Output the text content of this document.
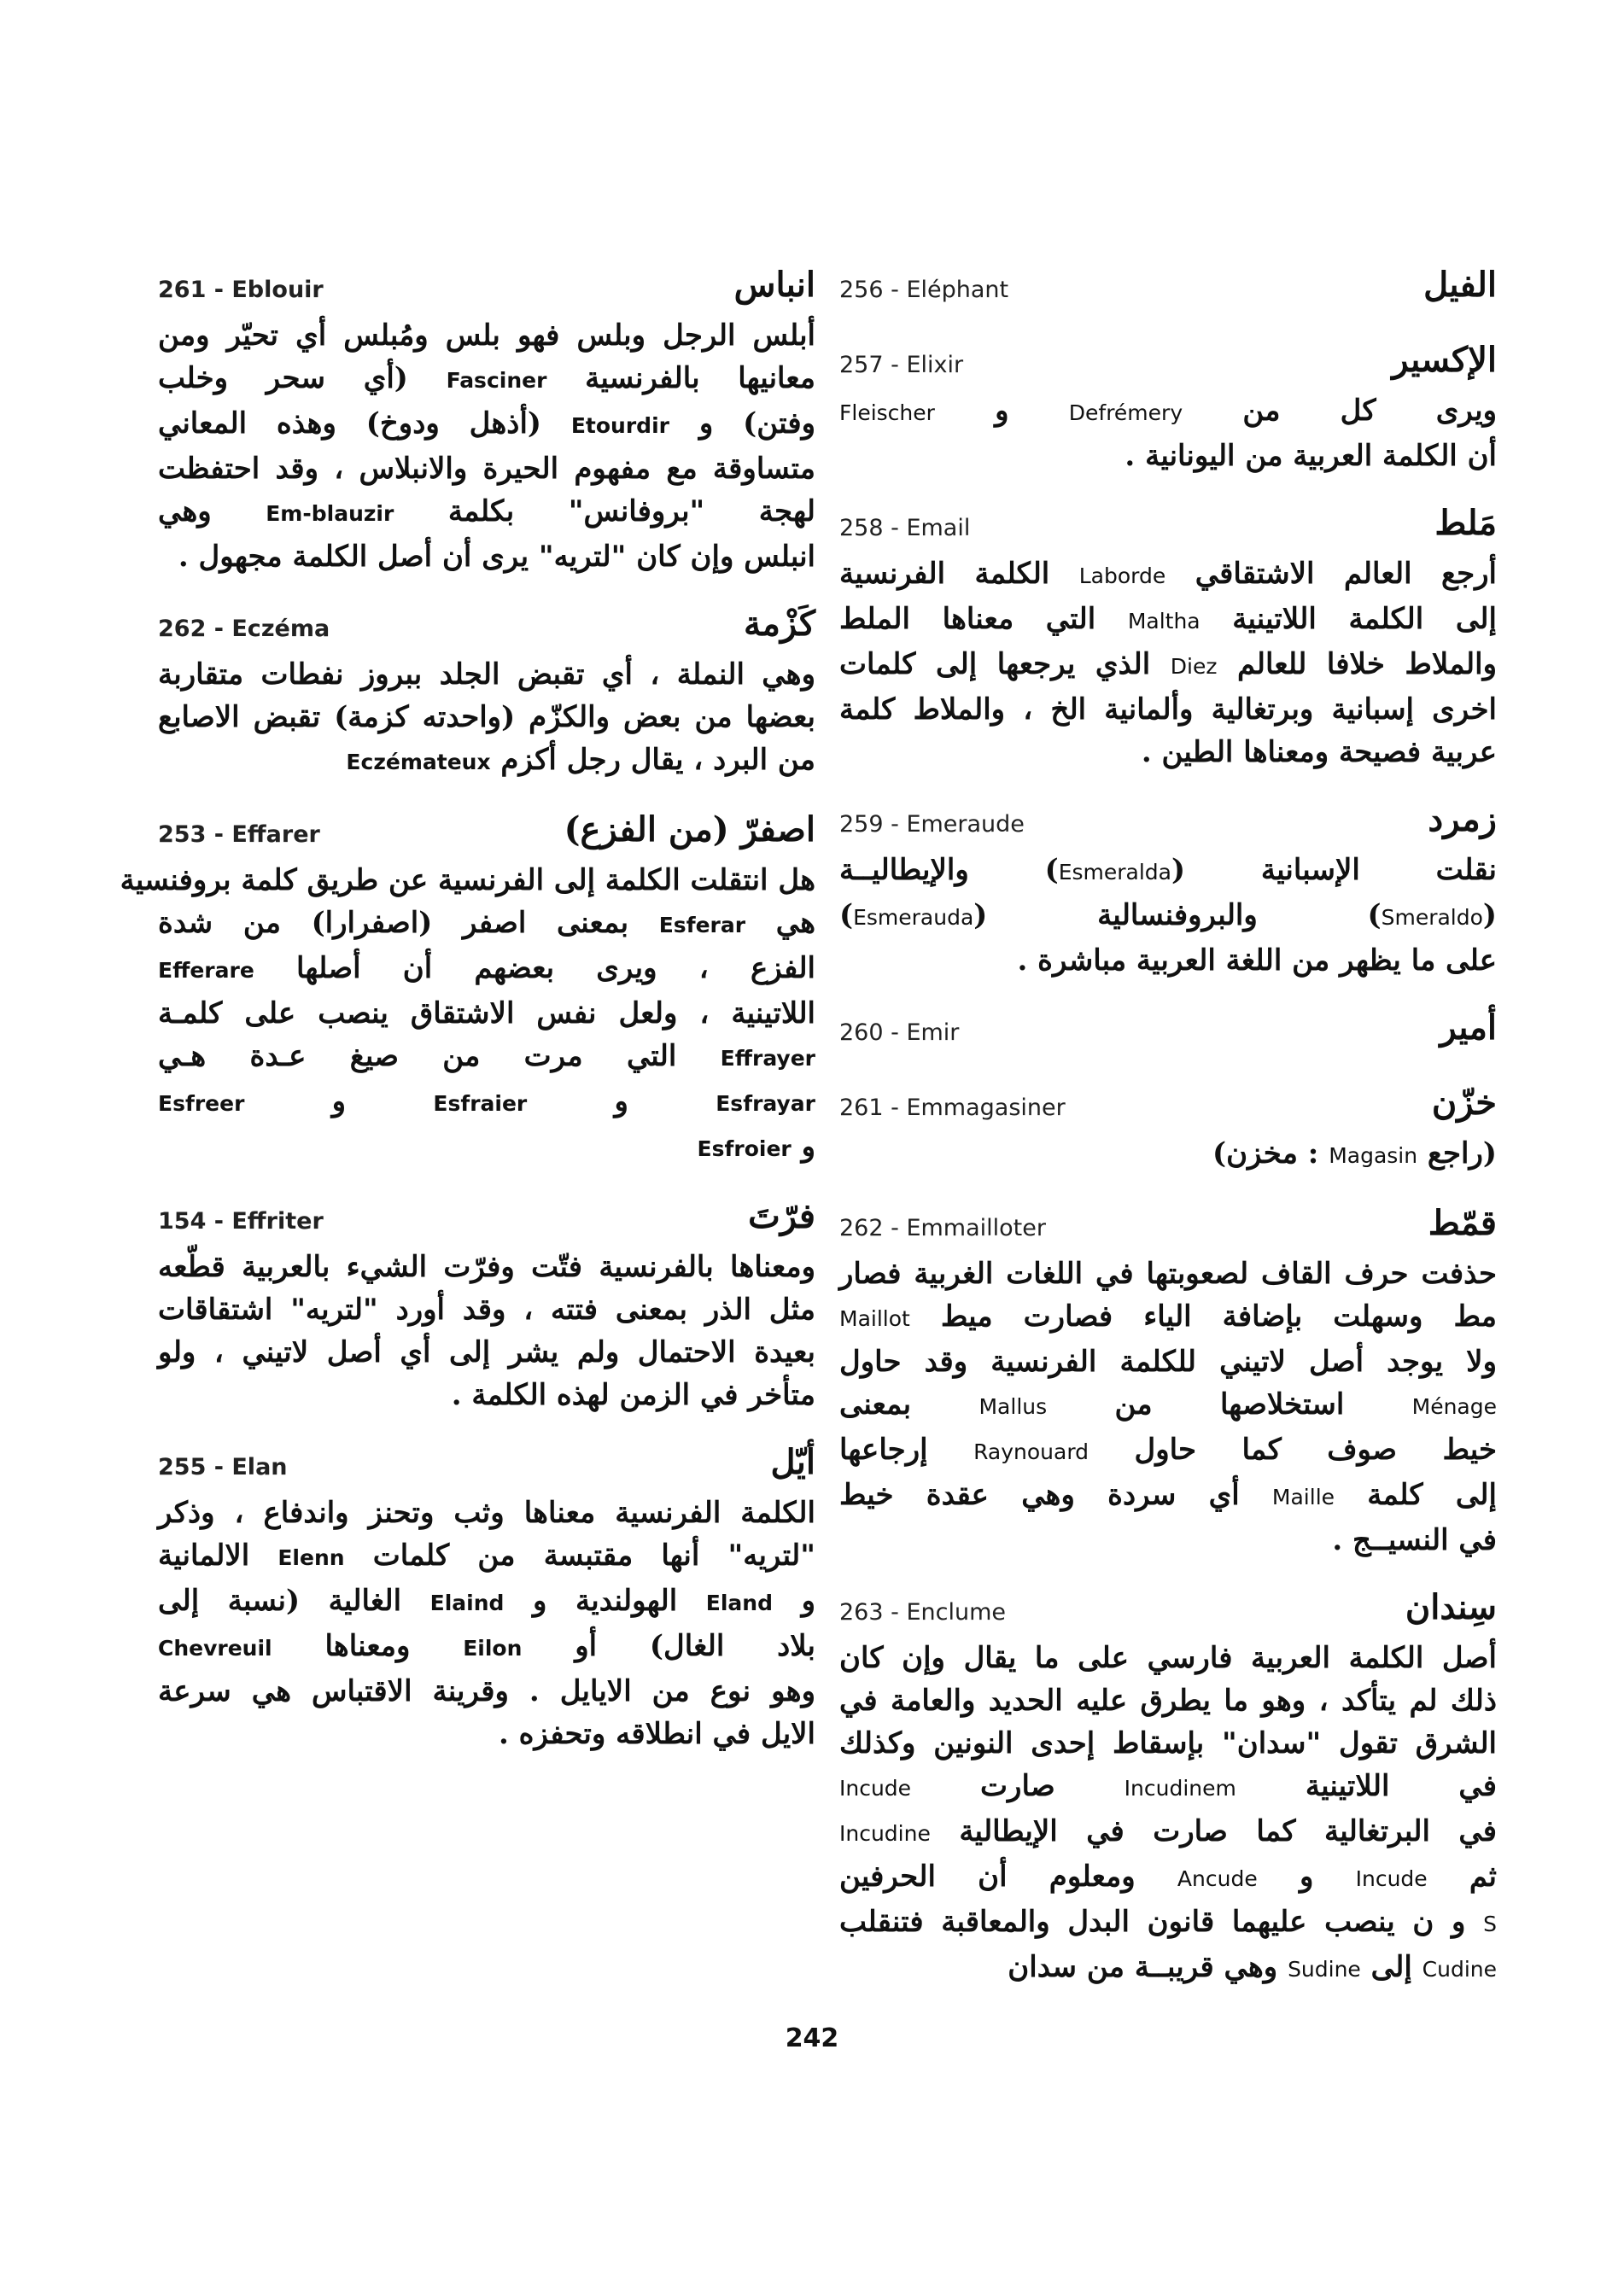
256 - Eléphant	الفيل
257 - Elixir	الإكسير
ويرى كل من Defrémery و Fleischer
أن الكلمة العربية من اليونانية .
258 - Email	مَلط
أرجع العالم الاشتقاقي Laborde الكلمة الفرنسية
إلى الكلمة اللاتينية Maltha التي معناها الملط
والملاط خلافا للعالم Diez الذي يرجعها إلى كلمات
اخرى إسبانية وبرتغالية وألمانية الخ ، والملاط كلمة
عربية فصيحة ومعناها الطين .
259 - Emeraude	زمرد
نقلت الإسبانية (Esmeralda) والإيطاليــة
(Smeraldo) والبروفنسالية (Esmerauda)
على ما يظهر من اللغة العربية مباشرة .
260 - Emir	أمير
261 - Emmagasiner	خزّن
(راجع Magasin : مخزن)
262 - Emmailloter	قمّط
حذفت حرف القاف لصعوبتها في اللغات الغربية فصار
مط وسهلت بإضافة الياء فصارت ميط Maillot
ولا يوجد أصل لاتيني للكلمة الفرنسية وقد حاول
Ménage استخلاصها من Mallus بمعنى
خيط صوف كما حاول Raynouard إرجاعها
إلى كلمة Maille أي سردة وهي عقدة خيط
في النسيــج .
263 - Enclume	سِندان
أصل الكلمة العربية فارسي على ما يقال وإن كان
ذلك لم يتأكد ، وهو ما يطرق عليه الحديد والعامة في
الشرق تقول "سدان" بإسقاط إحدى النونين وكذلك
في اللاتينية Incudinem صارت Incude
في البرتغالية كما صارت في الإيطالية Incudine
ثم Incude و Ancude ومعلوم أن الحرفين
S و ن ينصب عليهما قانون البدل والمعاقبة فتنقلب
Cudine إلى Sudine وهي قريبــة من سدان
261 - Eblouir	انباس
أبلس الرجل وبلس فهو بلس ومُبلس أي تحيّر ومن
معانيها بالفرنسية Fasciner (أي سحر وخلب
وفتن) و Etourdir (أذهل ودوخ) وهذه المعاني
متساوقة مع مفهوم الحيرة والانبلاس ، وقد احتفظت
لهجة "بروفانس" بكلمة Em-blauzir وهي
انبلس وإن كان "لتريه" يرى أن أصل الكلمة مجهول .
262 - Eczéma	كَزْمة
وهي النملة ، أي تقبض الجلد ببروز نفطات متقاربة
بعضها من بعض والكزّم (واحدته كزمة) تقبض الاصابع
من البرد ، يقال رجل أكزم Eczémateux
253 - Effarer	اصفرّ (من الفزع)
هل انتقلت الكلمة إلى الفرنسية عن طريق كلمة بروفنسية
هي Esferar بمعنى اصفر (اصفرارا) من شدة
الفزع ، ويرى بعضهم أن أصلها Efferare
اللاتينية ، ولعل نفس الاشتقاق ينصب على كلمـة
Effrayer التي مرت من صيغ عـدة هـي
Esfrayar و Esfraier و Esfreer
و Esfroier
154 - Effriter	فرّتَ
ومعناها بالفرنسية فتّت وفرّت الشيء بالعربية قطّعه
مثل الذر بمعنى فتته ، وقد أورد "لتريه" اشتقاقات
بعيدة الاحتمال ولم يشر إلى أي أصل لاتيني ، ولو
متأخر في الزمن لهذه الكلمة .
255 - Elan	أيّل
الكلمة الفرنسية معناها وثب وتحنز واندفاع ، وذكر
"لتريه" أنها مقتبسة من كلمات Elenn الالمانية
و Eland الهولندية و Elaind الغالية (نسبة إلى
بلاد الغال) أو Eilon ومعناها Chevreuil
وهو نوع من الايايل . وقرينة الاقتباس هي سرعة
الايل في انطلاقه وتحفزه .
242
